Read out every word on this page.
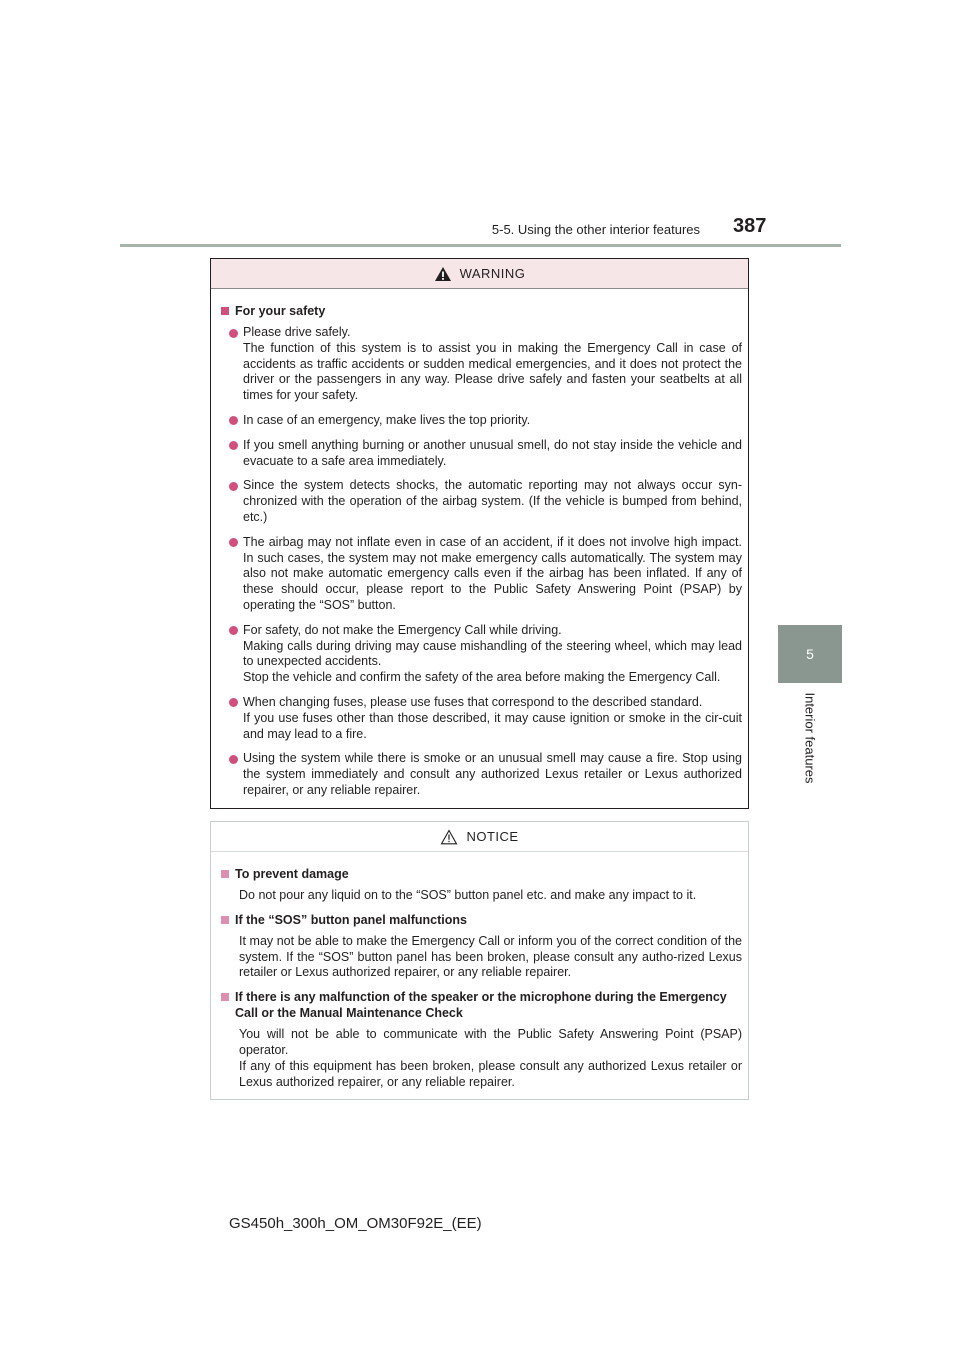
5-5. Using the other interior features 387
5
Interior features
WARNING
For your safety

Please drive safely.

The function of this system is to assist you in making the Emergency Call in case of accidents as traffic accidents or sudden medical emergencies, and it does not protect the driver or the passengers in any way. Please drive safely and fasten your seatbelts at all times for your safety.

In case of an emergency, make lives the top priority.

If you smell anything burning or another unusual smell, do not stay inside the vehicle and evacuate to a safe area immediately.

Since the system detects shocks, the automatic reporting may not always occur syn-chronized with the operation of the airbag system. (If the vehicle is bumped from behind, etc.)

The airbag may not inflate even in case of an accident, if it does not involve high impact. In such cases, the system may not make emergency calls automatically. The system may also not make automatic emergency calls even if the airbag has been inflated. If any of these should occur, please report to the Public Safety Answering Point (PSAP) by operating the “SOS” button.

For safety, do not make the Emergency Call while driving.

Making calls during driving may cause mishandling of the steering wheel, which may lead to unexpected accidents.

Stop the vehicle and confirm the safety of the area before making the Emergency Call.

When changing fuses, please use fuses that correspond to the described standard.

If you use fuses other than those described, it may cause ignition or smoke in the cir-cuit and may lead to a fire.

Using the system while there is smoke or an unusual smell may cause a fire. Stop using the system immediately and consult any authorized Lexus retailer or Lexus authorized repairer, or any reliable repairer.

NOTICE
To prevent damage

Do not pour any liquid on to the “SOS” button panel etc. and make any impact to it.

If the “SOS” button panel malfunctions

It may not be able to make the Emergency Call or inform you of the correct condition of the system. If the “SOS” button panel has been broken, please consult any autho-rized Lexus retailer or Lexus authorized repairer, or any reliable repairer.

If there is any malfunction of the speaker or the microphone during the Emergency Call or the Manual Maintenance Check

You will not be able to communicate with the Public Safety Answering Point (PSAP) operator.

If any of this equipment has been broken, please consult any authorized Lexus retailer or Lexus authorized repairer, or any reliable repairer.

GS450h_300h_OM_OM30F92E_(EE)
